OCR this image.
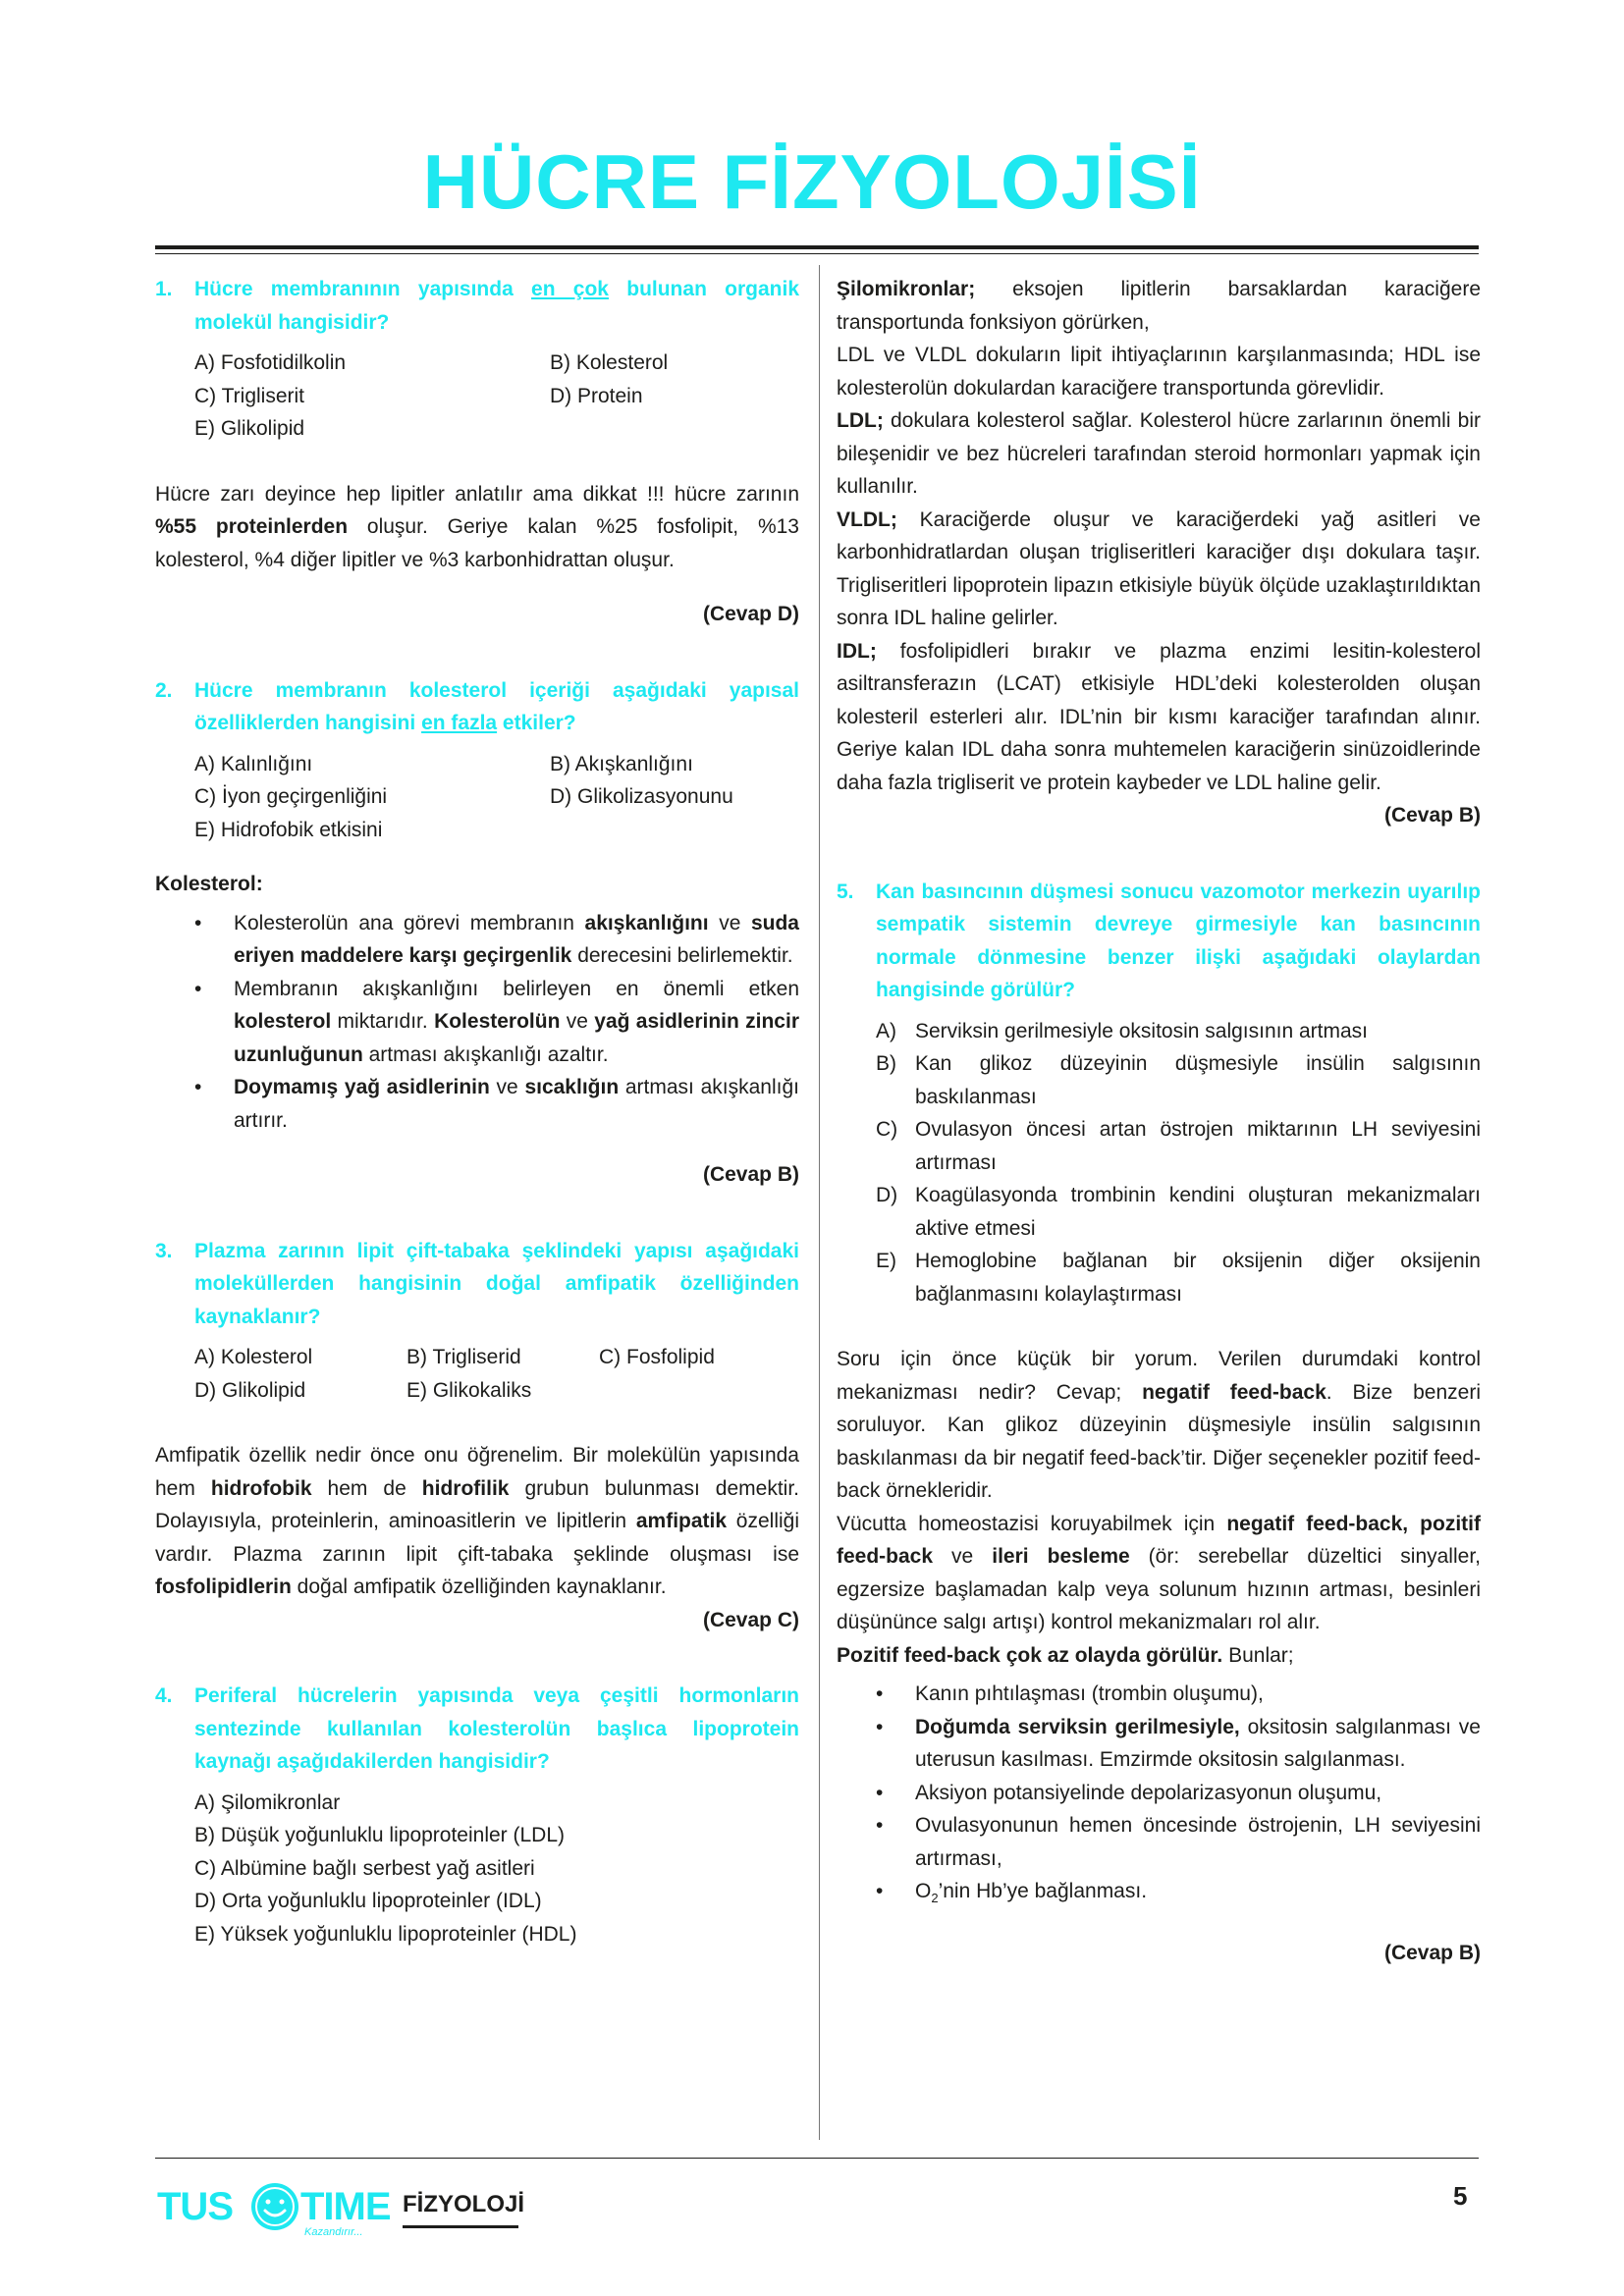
HÜCRE FİZYOLOJİSİ
1.	Hücre membranının yapısında en çok bulunan organik molekül hangisidir?
A) Fosfotidilkolin	B) Kolesterol
C) Trigliserit	D) Protein
E) Glikolipid

Hücre zarı deyince hep lipitler anlatılır ama dikkat !!! hücre zarının %55 proteinlerden oluşur. Geriye kalan %25 fosfolipit, %13 kolesterol, %4 diğer lipitler ve %3 karbonhidrattan oluşur.

(Cevap D)
2.	Hücre membranın kolesterol içeriği aşağıdaki yapısal özelliklerden hangisini en fazla etkiler?
A) Kalınlığını	B) Akışkanlığını
C) İyon geçirgenliğini	D) Glikolizasyonunu
E) Hidrofobik etkisini

Kolesterol:

•	Kolesterolün ana görevi membranın akışkanlığını ve suda eriyen maddelere karşı geçirgenlik derecesini belirlemektir.
•	Membranın akışkanlığını belirleyen en önemli etken kolesterol miktarıdır. Kolesterolün ve yağ asidlerinin zincir uzunluğunun artması akışkanlığı azaltır.
•	Doymamış yağ asidlerinin ve sıcaklığın artması akışkanlığı artırır.
(Cevap B)
3.	Plazma zarının lipit çift-tabaka şeklindeki yapısı aşağıdaki moleküllerden hangisinin doğal amfipatik özelliğinden kaynaklanır?
A) Kolesterol	B) Trigliserid	C) Fosfolipid
D) Glikolipid	E) Glikokaliks

Amfipatik özellik nedir önce onu öğrenelim. Bir molekülün yapısında hem hidrofobik hem de hidrofilik grubun bulunması demektir. Dolayısıyla, proteinlerin, aminoasitlerin ve lipitlerin amfipatik özelliği vardır. Plazma zarının lipit çift-tabaka şeklinde oluşması ise fosfolipidlerin doğal amfipatik özelliğinden kaynaklanır.

(Cevap C)
4.	Periferal hücrelerin yapısında veya çeşitli hormonların sentezinde kullanılan kolesterolün başlıca lipoprotein kaynağı aşağıdakilerden hangisidir?
A) Şilomikronlar
B) Düşük yoğunluklu lipoproteinler (LDL)
C) Albümine bağlı serbest yağ asitleri
D) Orta yoğunluklu lipoproteinler (IDL)
E) Yüksek yoğunluklu lipoproteinler (HDL)

Şilomikronlar; eksojen lipitlerin barsaklardan karaciğere transportunda fonksiyon görürken,

LDL ve VLDL dokuların lipit ihtiyaçlarının karşılanmasında; HDL ise kolesterolün dokulardan karaciğere transportunda görevlidir.

LDL; dokulara kolesterol sağlar. Kolesterol hücre zarlarının önemli bir bileşenidir ve bez hücreleri tarafından steroid hormonları yapmak için kullanılır.

VLDL; Karaciğerde oluşur ve karaciğerdeki yağ asitleri ve karbonhidratlardan oluşan trigliseritleri karaciğer dışı dokulara taşır. Trigliseritleri lipoprotein lipazın etkisiyle büyük ölçüde uzaklaştırıldıktan sonra IDL haline gelirler.

IDL; fosfolipidleri bırakır ve plazma enzimi lesitin-kolesterol asiltransferazın (LCAT) etkisiyle HDL’deki kolesterolden oluşan kolesteril esterleri alır. IDL’nin bir kısmı karaciğer tarafından alınır. Geriye kalan IDL daha sonra muhtemelen karaciğerin sinüzoidlerinde daha fazla trigliserit ve protein kaybeder ve LDL haline gelir.

(Cevap B)
5.	Kan basıncının düşmesi sonucu vazomotor merkezin uyarılıp sempatik sistemin devreye girmesiyle kan basıncının normale dönmesine benzer ilişki aşağıdaki olaylardan hangisinde görülür?
A) Serviksin gerilmesiyle oksitosin salgısının artması
B) Kan glikoz düzeyinin düşmesiyle insülin salgısının baskılanması
C) Ovulasyon öncesi artan östrojen miktarının LH seviyesini artırması
D) Koagülasyonda trombinin kendini oluşturan mekanizmaları aktive etmesi
E) Hemoglobine bağlanan bir oksijenin diğer oksijenin bağlanmasını kolaylaştırması

Soru için önce küçük bir yorum. Verilen durumdaki kontrol mekanizması nedir? Cevap; negatif feed-back. Bize benzeri soruluyor. Kan glikoz düzeyinin düşmesiyle insülin salgısının baskılanması da bir negatif feed-back’tir. Diğer seçenekler pozitif feed-back örnekleridir.

Vücutta homeostazisi koruyabilmek için negatif feed-back, pozitif feed-back ve ileri besleme (ör: serebellar düzeltici sinyaller, egzersize başlamadan kalp veya solunum hızının artması, besinleri düşününce salgı artışı) kontrol mekanizmaları rol alır.

Pozitif feed-back çok az olayda görülür. Bunlar;

•	Kanın pıhtılaşması (trombin oluşumu),
•	Doğumda serviksin gerilmesiyle, oksitosin salgılanması ve uterusun kasılması. Emzirmde oksitosin salgılanması.
•	Aksiyon potansiyelinde depolarizasyonun oluşumu,
•	Ovulasyonunun hemen öncesinde östrojenin, LH seviyesini artırması,
•	$O_2’nin$ Hb’ye bağlanması.
(Cevap B)
TUS TIME
Kazandırır...
FİZYOLOJİ	5
